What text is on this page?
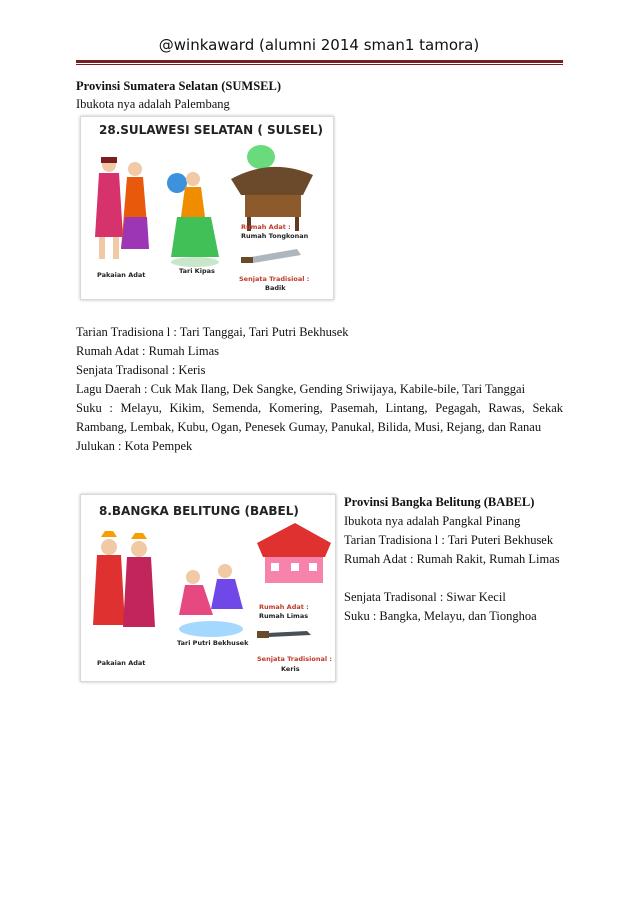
@winkaward (alumni 2014 sman1 tamora)
Provinsi Sumatera Selatan (SUMSEL)
Ibukota nya adalah Palembang
28.SULAWESI SELATAN ( SULSEL)
Pakaian Adat	Tari Kipas
Rumah Adat :
Rumah Tongkonan
Senjata Tradisioal :
Badik
Tarian Tradisiona l : Tari Tanggai, Tari Putri Bekhusek
Rumah Adat : Rumah Limas
Senjata Tradisonal : Keris
Lagu Daerah : Cuk Mak Ilang, Dek Sangke, Gending Sriwijaya, Kabile-bile, Tari Tanggai
Suku : Melayu, Kikim, Semenda, Komering, Pasemah, Lintang, Pegagah, Rawas, Sekak Rambang, Lembak, Kubu, Ogan, Penesek Gumay, Panukal, Bilida, Musi, Rejang, dan Ranau
Julukan : Kota Pempek
8.BANGKA BELITUNG (BABEL)
Pakaian Adat
Tari Putri Bekhusek
Rumah Adat :
Rumah Limas
Senjata Tradisional :
Keris
Provinsi Bangka Belitung (BABEL)
Ibukota nya adalah Pangkal Pinang
Tarian Tradisiona l : Tari Puteri Bekhusek
Rumah Adat : Rumah Rakit, Rumah Limas
Senjata Tradisonal : Siwar Kecil
Suku : Bangka, Melayu, dan Tionghoa
